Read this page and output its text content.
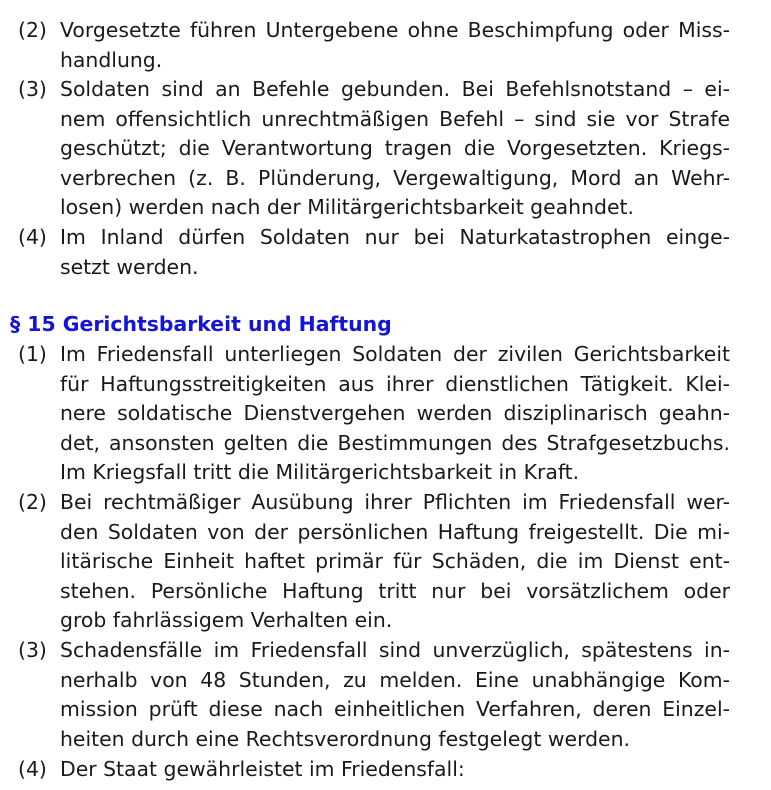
(2) Vorgesetzte führen Untergebene ohne Beschimpfung oder Miss-
handlung.
(3) Soldaten sind an Befehle gebunden. Bei Befehlsnotstand – ei-
nem offensichtlich unrechtmäßigen Befehl – sind sie vor Strafe
geschützt; die Verantwortung tragen die Vorgesetzten. Kriegs-
verbrechen (z. B. Plünderung, Vergewaltigung, Mord an Wehr-
losen) werden nach der Militärgerichtsbarkeit geahndet.
(4) Im Inland dürfen Soldaten nur bei Naturkatastrophen einge-
setzt werden.
§ 15 Gerichtsbarkeit und Haftung
(1) Im Friedensfall unterliegen Soldaten der zivilen Gerichtsbarkeit
für Haftungsstreitigkeiten aus ihrer dienstlichen Tätigkeit. Klei-
nere soldatische Dienstvergehen werden disziplinarisch geahn-
det, ansonsten gelten die Bestimmungen des Strafgesetzbuchs.
Im Kriegsfall tritt die Militärgerichtsbarkeit in Kraft.
(2) Bei rechtmäßiger Ausübung ihrer Pflichten im Friedensfall wer-
den Soldaten von der persönlichen Haftung freigestellt. Die mi-
litärische Einheit haftet primär für Schäden, die im Dienst ent-
stehen. Persönliche Haftung tritt nur bei vorsätzlichem oder
grob fahrlässigem Verhalten ein.
(3) Schadensfälle im Friedensfall sind unverzüglich, spätestens in-
nerhalb von 48 Stunden, zu melden. Eine unabhängige Kom-
mission prüft diese nach einheitlichen Verfahren, deren Einzel-
heiten durch eine Rechtsverordnung festgelegt werden.
(4) Der Staat gewährleistet im Friedensfall:
